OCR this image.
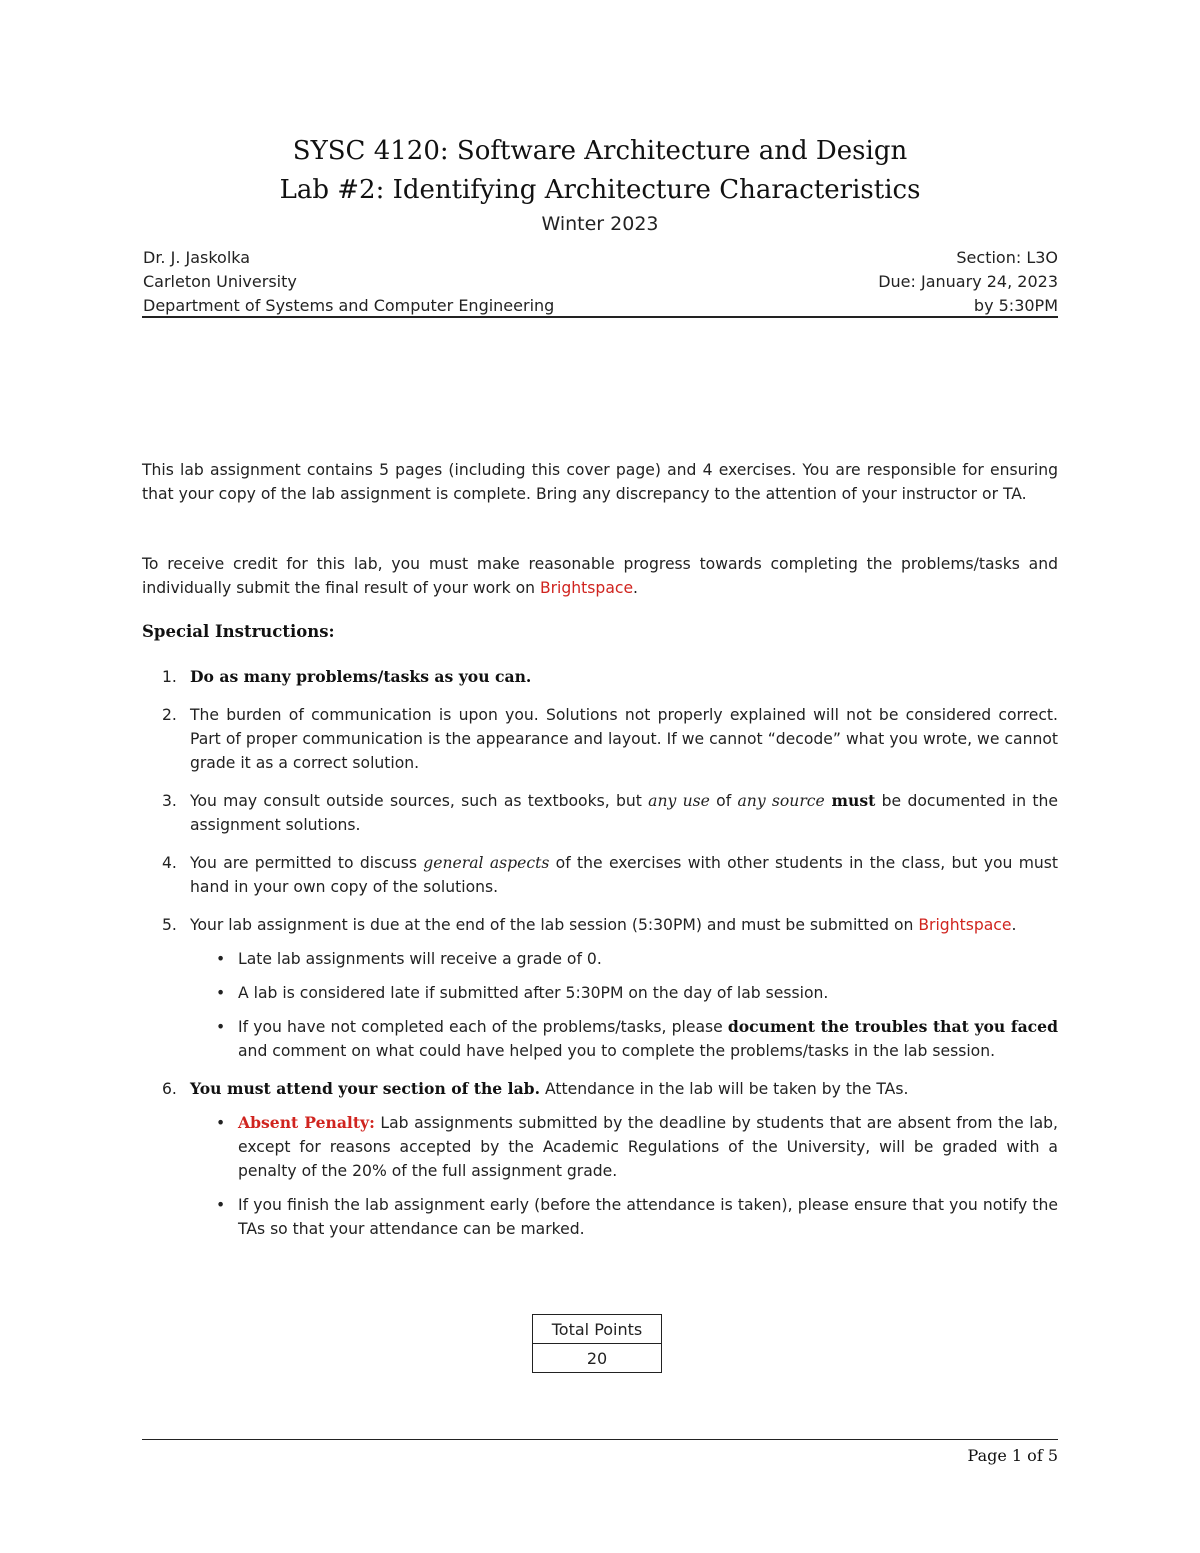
SYSC 4120: Software Architecture and Design
Lab #2: Identifying Architecture Characteristics
Winter 2023
Dr. J. Jaskolka
Carleton University
Department of Systems and Computer Engineering
Section: L3O
Due: January 24, 2023
by 5:30PM
This lab assignment contains 5 pages (including this cover page) and 4 exercises. You are responsible for ensuring that your copy of the lab assignment is complete. Bring any discrepancy to the attention of your instructor or TA.
To receive credit for this lab, you must make reasonable progress towards completing the problems/tasks and individually submit the final result of your work on Brightspace.
Special Instructions:
1. Do as many problems/tasks as you can.
2. The burden of communication is upon you. Solutions not properly explained will not be considered correct. Part of proper communication is the appearance and layout. If we cannot “decode” what you wrote, we cannot grade it as a correct solution.
3. You may consult outside sources, such as textbooks, but any use of any source must be documented in the assignment solutions.
4. You are permitted to discuss general aspects of the exercises with other students in the class, but you must hand in your own copy of the solutions.
5. Your lab assignment is due at the end of the lab session (5:30PM) and must be submitted on Brightspace.
• Late lab assignments will receive a grade of 0.
• A lab is considered late if submitted after 5:30PM on the day of lab session.
• If you have not completed each of the problems/tasks, please document the troubles that you faced and comment on what could have helped you to complete the problems/tasks in the lab session.
6. You must attend your section of the lab. Attendance in the lab will be taken by the TAs.
• Absent Penalty: Lab assignments submitted by the deadline by students that are absent from the lab, except for reasons accepted by the Academic Regulations of the University, will be graded with a penalty of the 20% of the full assignment grade.
• If you finish the lab assignment early (before the attendance is taken), please ensure that you notify the TAs so that your attendance can be marked.
Total Points
20
Page 1 of 5
